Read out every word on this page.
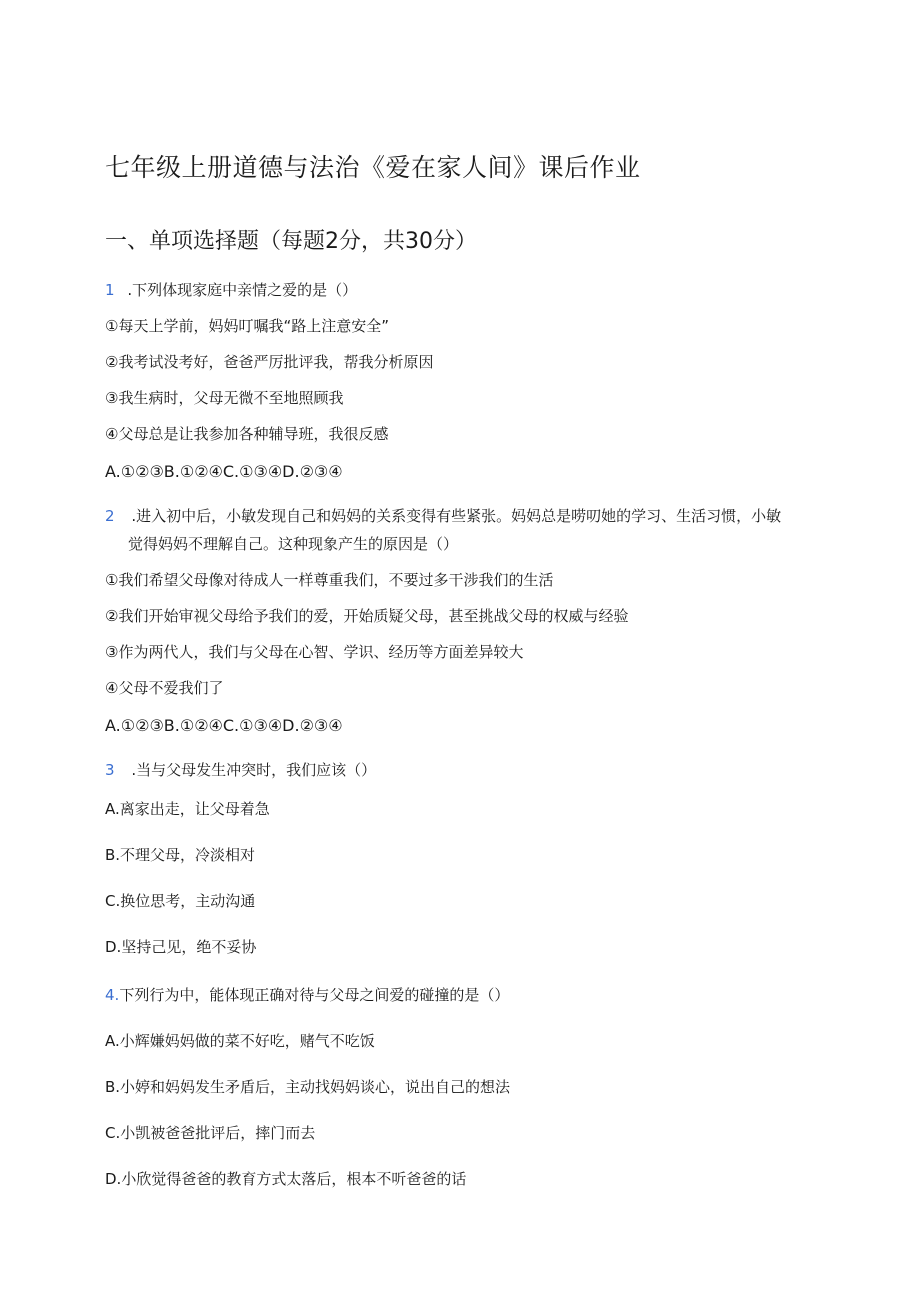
七年级上册道德与法治《爱在家人间》课后作业
一、单项选择题（每题2分，共30分）
1 .下列体现家庭中亲情之爱的是（）
①每天上学前，妈妈叮嘱我“路上注意安全”
②我考试没考好，爸爸严厉批评我，帮我分析原因
③我生病时，父母无微不至地照顾我
④父母总是让我参加各种辅导班，我很反感
A.①②③B.①②④C.①③④D.②③④
2 .进入初中后，小敏发现自己和妈妈的关系变得有些紧张。妈妈总是唠叨她的学习、生活习惯，小敏
觉得妈妈不理解自己。这种现象产生的原因是（）
①我们希望父母像对待成人一样尊重我们，不要过多干涉我们的生活
②我们开始审视父母给予我们的爱，开始质疑父母，甚至挑战父母的权威与经验
③作为两代人，我们与父母在心智、学识、经历等方面差异较大
④父母不爱我们了
A.①②③B.①②④C.①③④D.②③④
3 .当与父母发生冲突时，我们应该（）
A.离家出走，让父母着急
B.不理父母，冷淡相对
C.换位思考，主动沟通
D.坚持己见，绝不妥协
4.下列行为中，能体现正确对待与父母之间爱的碰撞的是（）
A.小辉嫌妈妈做的菜不好吃，赌气不吃饭
B.小婷和妈妈发生矛盾后，主动找妈妈谈心，说出自己的想法
C.小凯被爸爸批评后，摔门而去
D.小欣觉得爸爸的教育方式太落后，根本不听爸爸的话
